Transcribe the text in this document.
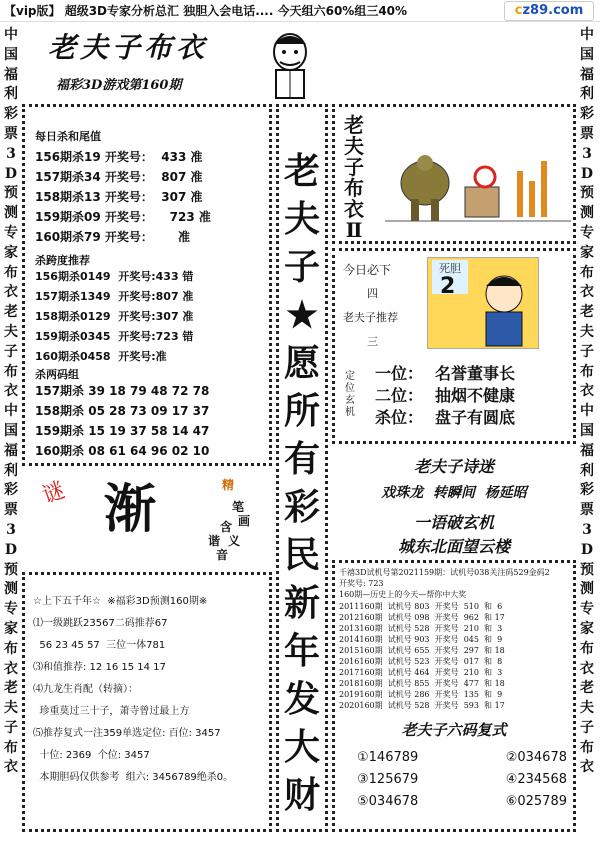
【vip版】 超级3D专家分析总汇 独胆入会电话.... 今天组六60%组三40%	cz89.com
中国福利彩票3D预测专家布衣老夫子布衣中国福利彩票3D预测专家布衣老夫子布衣
中国福利彩票3D预测专家布衣老夫子布衣中国福利彩票3D预测专家布衣老夫子布衣
老夫子布衣
福彩3D游戏第160期
每日杀和尾值
156期杀19 开奖号：  433 准
157期杀34 开奖号：  807 准
158期杀13 开奖号：  307 准
159期杀09 开奖号：    723 准
160期杀79 开奖号：      准
杀跨度推荐
156期杀0149  开奖号:433 错
157期杀1349  开奖号:807 准
158期杀0129  开奖号:307 准
159期杀0345  开奖号:723 错
160期杀0458  开奖号:准
杀两码组
157期杀 39 18 79 48 72 78
158期杀 05 28 73 09 17 37
159期杀 15 19 37 58 14 47
160期杀 08 61 64 96 02 10
谜 渐	精
笔
画
含
义
谐
音
☆上下五千年☆  ※福彩3D预测160期※
⑴一级跳跃23567二码推荐67
56 23 45 57  三位一体781
⑶和值推荐: 12 16 15 14 17
⑷九龙生肖配（转摘）：
珍重莫过三十子，萧寺曾过最上方
⑸推荐复式一注359单选定位: 百位: 3457
十位: 2369  个位: 3457
本期胆码仅供参考  组六: 3456789绝杀0。
老
夫
子
★
愿
所
有
彩
民
新
年
发
大
财
老
夫
子
布
衣
Ⅱ
今日必下
四
老夫子推荐
三
死胆
2
定
位
玄
机
一位： 名誉董事长
二位： 抽烟不健康
杀位： 盘子有圆底
老夫子诗迷
戏珠龙  转瞬间  杨延昭
一语破玄机
城东北面望云楼
千禧3D试机号第2021159期：试机号038关注码529金码2
开奖号: 723
160期—历史上的今天—帮你中大奖
2011160期  试机号 803  开奖号  510  和  6
2012160期  试机号 098  开奖号  962  和 17
2013160期  试机号 528  开奖号  210  和  3
2014160期  试机号 903  开奖号  045  和  9
2015160期  试机号 655  开奖号  297  和 18
2016160期  试机号 523  开奖号  017  和  8
2017160期  试机号 464  开奖号  210  和  3
2018160期  试机号 855  开奖号  477  和 18
2019160期  试机号 286  开奖号  135  和  9
2020160期  试机号 528  开奖号  593  和 17
老夫子六码复式
①146789	②034678
③125679	④234568
⑤034678	⑥025789
